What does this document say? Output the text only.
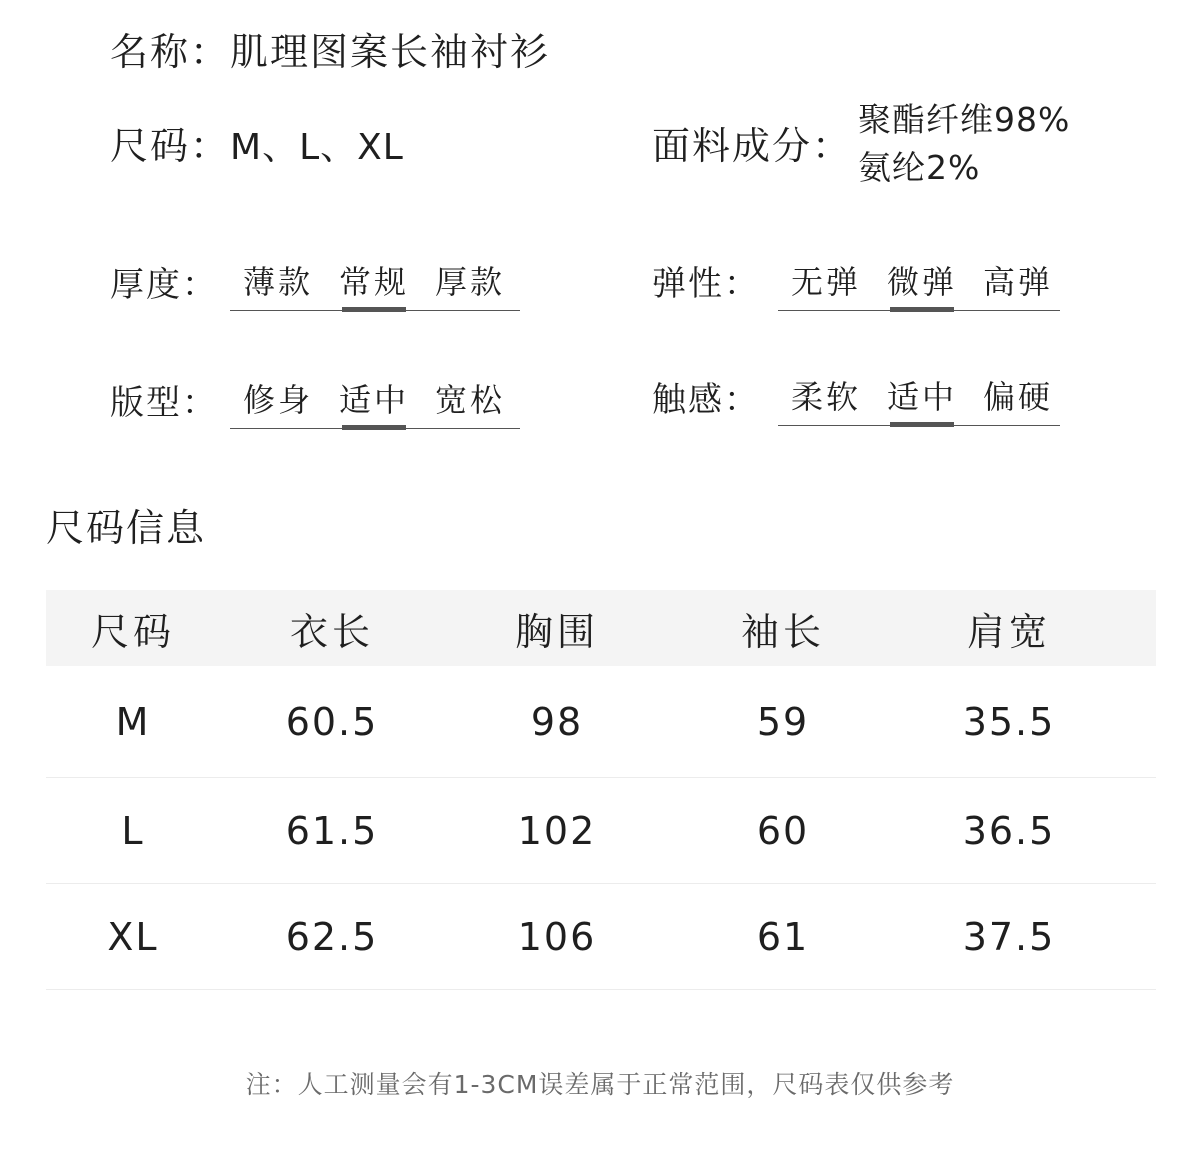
名称：肌理图案长袖衬衫
尺码：M、L、XL	面料成分：
聚酯纤维98%
氨纶2%
厚度： 薄款 常规 厚款	弹性： 无弹 微弹 高弹
版型： 修身 适中 宽松	触感： 柔软 适中 偏硬
尺码信息
尺码	衣长	胸围	袖长	肩宽
M	60.5	98	59	35.5
L	61.5	102	60	36.5
XL	62.5	106	61	37.5
注：人工测量会有1-3CM误差属于正常范围，尺码表仅供参考
